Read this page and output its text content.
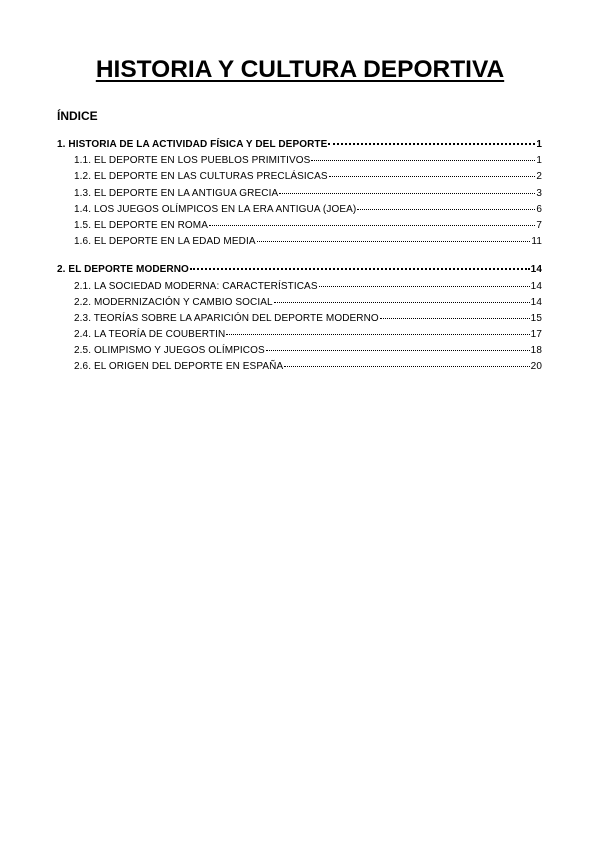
HISTORIA Y CULTURA DEPORTIVA
ÍNDICE
1. HISTORIA DE LA ACTIVIDAD FÍSICA Y DEL DEPORTE	1
1.1. EL DEPORTE EN LOS PUEBLOS PRIMITIVOS	1
1.2. EL DEPORTE EN LAS CULTURAS PRECLÁSICAS	2
1.3. EL DEPORTE EN LA ANTIGUA GRECIA	3
1.4. LOS JUEGOS OLÍMPICOS EN LA ERA ANTIGUA (JOEA)	6
1.5. EL DEPORTE EN ROMA	7
1.6. EL DEPORTE EN LA EDAD MEDIA	11
2. EL DEPORTE MODERNO	14
2.1. LA SOCIEDAD MODERNA: CARACTERÍSTICAS	14
2.2. MODERNIZACIÓN Y CAMBIO SOCIAL	14
2.3. TEORÍAS SOBRE LA APARICIÓN DEL DEPORTE MODERNO	15
2.4. LA TEORÍA DE COUBERTIN	17
2.5. OLIMPISMO Y JUEGOS OLÍMPICOS	18
2.6. EL ORIGEN DEL DEPORTE EN ESPAÑA	20
